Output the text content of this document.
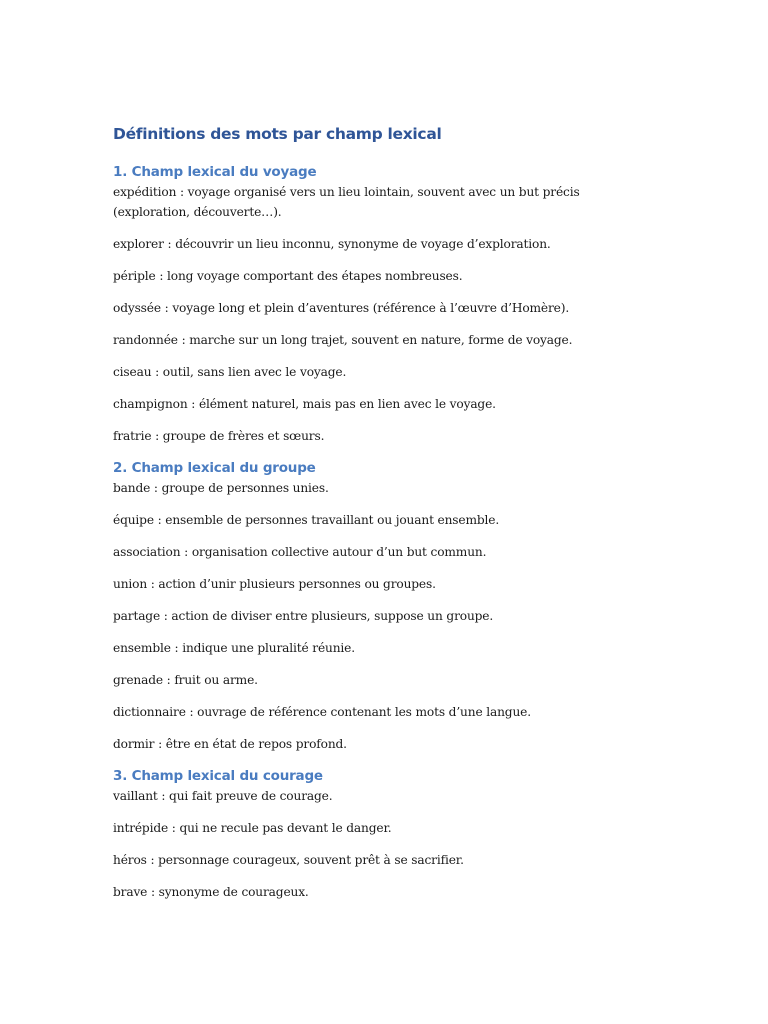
Définitions des mots par champ lexical
1. Champ lexical du voyage

expédition : voyage organisé vers un lieu lointain, souvent avec un but précis (exploration, découverte…).

explorer : découvrir un lieu inconnu, synonyme de voyage d’exploration.

périple : long voyage comportant des étapes nombreuses.

odyssée : voyage long et plein d’aventures (référence à l’œuvre d’Homère).

randonnée : marche sur un long trajet, souvent en nature, forme de voyage.

ciseau : outil, sans lien avec le voyage.

champignon : élément naturel, mais pas en lien avec le voyage.

fratrie : groupe de frères et sœurs.

2. Champ lexical du groupe

bande : groupe de personnes unies.

équipe : ensemble de personnes travaillant ou jouant ensemble.

association : organisation collective autour d’un but commun.

union : action d’unir plusieurs personnes ou groupes.

partage : action de diviser entre plusieurs, suppose un groupe.

ensemble : indique une pluralité réunie.

grenade : fruit ou arme.

dictionnaire : ouvrage de référence contenant les mots d’une langue.

dormir : être en état de repos profond.

3. Champ lexical du courage

vaillant : qui fait preuve de courage.

intrépide : qui ne recule pas devant le danger.

héros : personnage courageux, souvent prêt à se sacrifier.

brave : synonyme de courageux.
